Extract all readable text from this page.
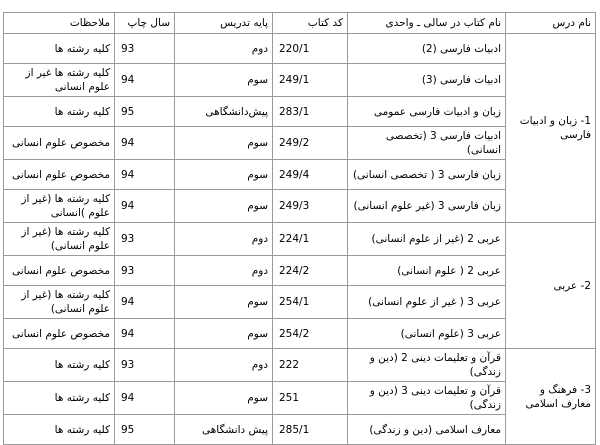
نام درس	نام کتاب در سالی ـ واحدی	کد کتاب	پایه تدریس	سال چاپ	ملاحظات
1- زبان و ادبیات فارسی	ادبیات فارسی (2)	220/1	دوم	93	کلیه رشته ها
	ادبیات فارسی (3)	249/1	سوم	94	کلیه رشته ها غیر از علوم انسانی
	زبان و ادبیات فارسی عمومی	283/1	پیش‌دانشگاهی	95	کلیه رشته ها
	ادبیات فارسی 3 (تخصصی انسانی)	249/2	سوم	94	مخصوص علوم انسانی
	زبان فارسی 3 ( تخصصی انسانی)	249/4	سوم	94	مخصوص علوم انسانی
	زبان فارسی 3 (غیر علوم انسانی)	249/3	سوم	94	کلیه رشته ها (غیر از علوم )انسانی
2- عربی	عربی 2 (غیر از علوم انسانی)	224/1	دوم	93	کلیه رشته ها (غیر از علوم انسانی)
	عربی 2 ( علوم انسانی)	224/2	دوم	93	مخصوص علوم انسانی
	عربی 3 ( غیر از علوم انسانی)	254/1	سوم	94	کلیه رشته ها (غیر از علوم انسانی)
	عربی 3 (علوم انسانی)	254/2	سوم	94	مخصوص علوم انسانی
3- فرهنگ و معارف اسلامی	قرآن و تعلیمات دینی 2 (دین و زندگی)	222	دوم	93	کلیه رشته ها
	قرآن و تعلیمات دینی 3 (دین و زندگی)	251	سوم	94	کلیه رشته ها
	معارف اسلامی (دین و زندگی)	285/1	پیش دانشگاهی	95	کلیه رشته ها
